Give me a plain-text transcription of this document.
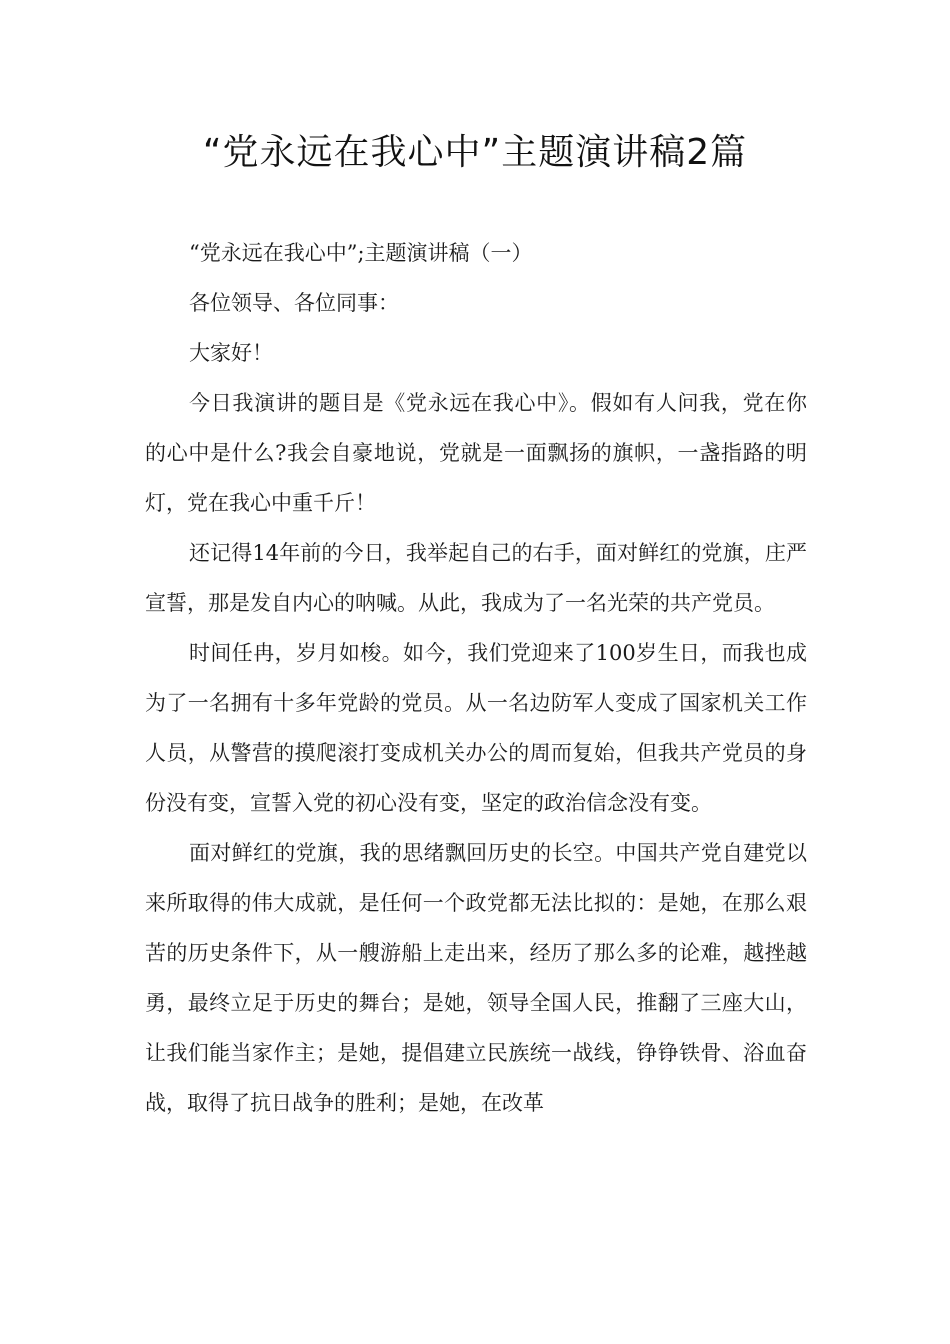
“党永远在我心中”主题演讲稿2篇

“党永远在我心中”;主题演讲稿（一）

各位领导、各位同事：

大家好！

今日我演讲的题目是《党永远在我心中》。假如有人问我，党在你的心中是什么?我会自豪地说，党就是一面飘扬的旗帜，一盏指路的明灯，党在我心中重千斤！

还记得14年前的今日，我举起自己的右手，面对鲜红的党旗，庄严宣誓，那是发自内心的呐喊。从此，我成为了一名光荣的共产党员。

时间任冉，岁月如梭。如今，我们党迎来了100岁生日，而我也成为了一名拥有十多年党龄的党员。从一名边防军人变成了国家机关工作人员，从警营的摸爬滚打变成机关办公的周而复始，但我共产党员的身份没有变，宣誓入党的初心没有变，坚定的政治信念没有变。

面对鲜红的党旗，我的思绪飘回历史的长空。中国共产党自建党以来所取得的伟大成就，是任何一个政党都无法比拟的：是她，在那么艰苦的历史条件下，从一艘游船上走出来，经历了那么多的论难，越挫越勇，最终立足于历史的舞台；是她，领导全国人民，推翻了三座大山，让我们能当家作主；是她，提倡建立民族统一战线，铮铮铁骨、浴血奋战，取得了抗日战争的胜利；是她，在改革
